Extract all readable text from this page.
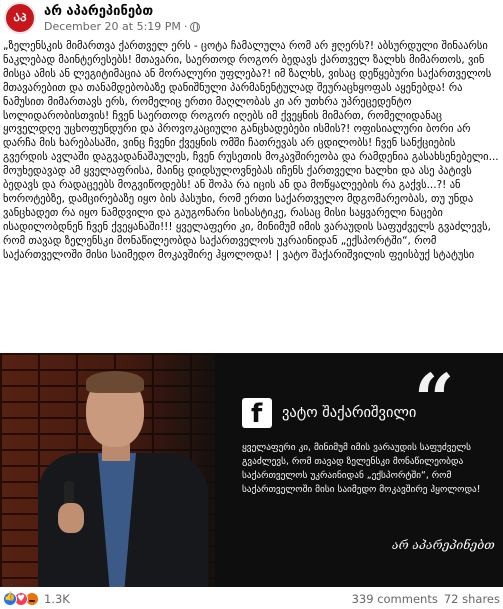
ᲐᲞ არ აპარეპინებთ
December 20 at 5:19 PM ·
„ზელენსკის მიმართვა ქართველ ერს - ცოტა ჩამალულა რომ არ ჟღერს?! აბსურდული შინაარსი ნაკლებად მაინტერესებს! მთავარი, საერთოდ როგორ ბედავს ქართველ ზალხს მიმართოს, ვინ მისცა ამის ან ლეგიტიმაცია ან მორალური უფლება?! იმ ზალხს, ვისაც დეწყებური საქართველოს მთავარებით და თანამდებობაზე დანიშნული პარმანენტულად შეურაცხყოფას აყენებდა! რა ნამუსით მიმართავს ერს, რომელიც ერთი მაღლობას კი არ უთხრა უპრეცედენტო სოლიდარობისთვის! ჩვენ საერთოდ როგორ იღებს იმ ქვეყნის მიმართ, რომელიდანაც ყოველდღე უცხოფუნდური და პროვოკაციული განცხადებები ისმის?! ოფისიალური ბორი არ დარჩა მის ხარებასაში, ვინც ჩვენი ქვეყნის ომში ჩათრევას არ ცდილობს! ჩვენ სანქციების გვერდის ავლაში დაგვადანაშაულეს, ჩვენ რუსეთის მოკავშირეობა და რამდენია გასახსენებელი... მოუხედავად ამ ყველაფრისა, მაინც დიდსულოვნებას იჩენს ქართველი ხალხი და ასე პატივს ბედავს და რადაცეებს მოგვიწოდებს! ან შოპა რა იცის ან და მოწყალეების რა გაქვს...?! ან ხოროტებზე, დამცირებაზე იყო ბის პასუხი, რომ ერთი საქართველო მდგომარეობას, თუ უნდა ვანცხადეთ რა იყო ნამდვილი და გაუგონარი სისასტიკე, რასაც მისი საყვარელი ნაცები ისადილობდნენ ჩვენ ქვეყანაში!!! ყველაფერი კი, მინიმუმ იმის ვარაუდის საფუძველს გვაძლევს, რომ თავად ზელენსკი მონაწილეობდა საქართველოს უკრაინიდან „ექსპორტში“, რომ საქართველოში მისი საიმედო მოკავშირე ჰყოლოდა! | ვატო შაქარიშვილის ფეისბუქ სტატუსი
“
f ვატო შაქარიშვილი
ყველაფერი კი, მინიმუმ იმის ვარაუდის საფუძველს გვაძლევს, რომ თავად ზელენსკი მონაწილეობდა საქართველოს უკრაინიდან „ექსპორტში“, რომ საქართველოში მისი საიმედო მოკავშირე ჰყოლოდა!
არ აპარეპინებთ
👍
♥
1.3K	339 comments 72 shares
